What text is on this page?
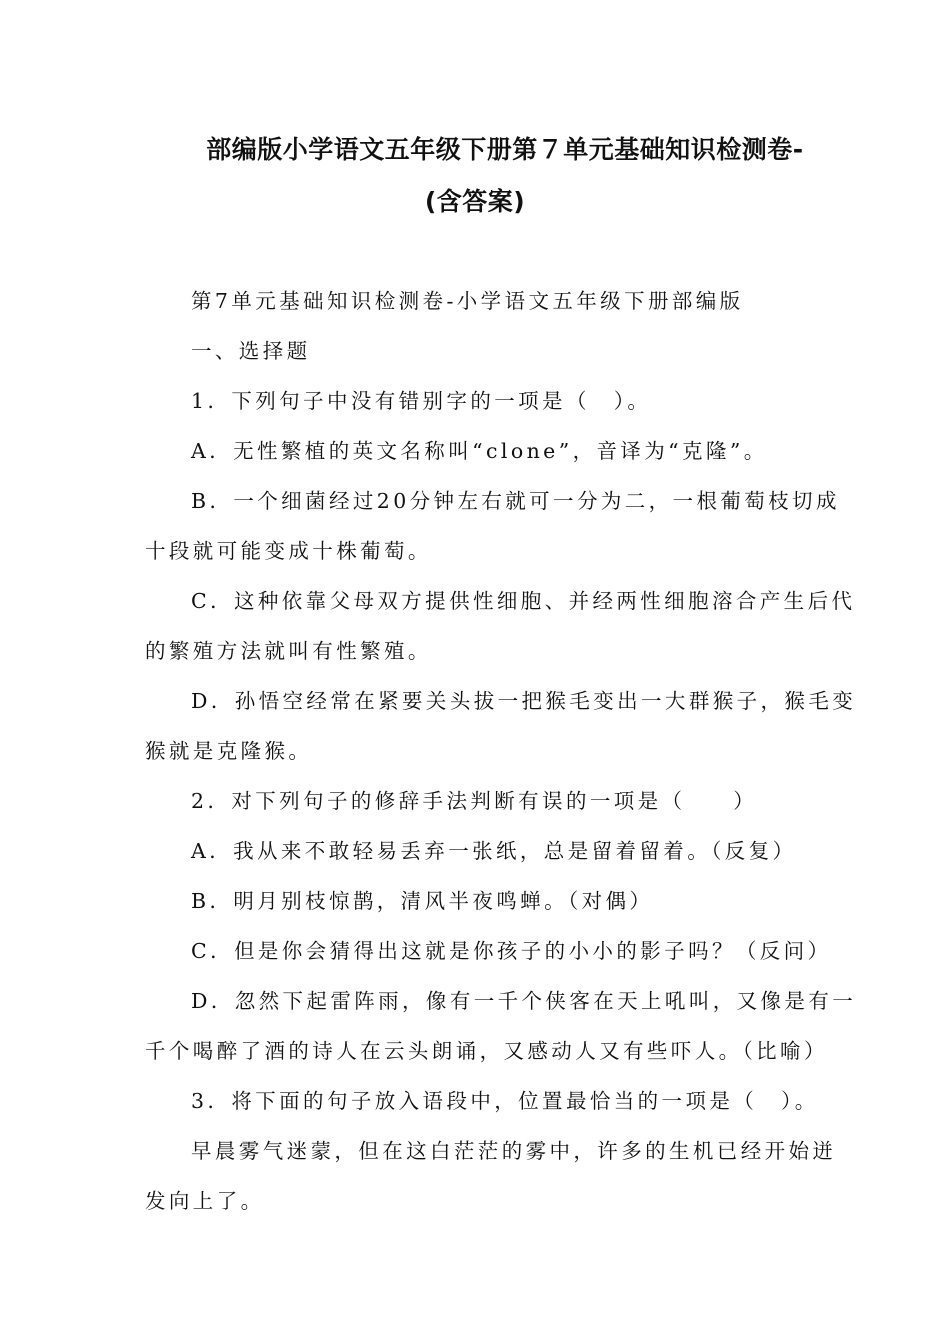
部编版小学语文五年级下册第７单元基础知识检测卷-
(含答案)
第7单元基础知识检测卷-小学语文五年级下册部编版
一、选择题
1．下列句子中没有错别字的一项是（　）。
A．无性繁植的英文名称叫“clone”，音译为“克隆”。
B．一个细菌经过20分钟左右就可一分为二，一根葡萄枝切成
十段就可能变成十株葡萄。
C．这种依靠父母双方提供性细胞、并经两性细胞溶合产生后代
的繁殖方法就叫有性繁殖。
D．孙悟空经常在紧要关头拔一把猴毛变出一大群猴子，猴毛变
猴就是克隆猴。
2．对下列句子的修辞手法判断有误的一项是（　　）
A．我从来不敢轻易丢弃一张纸，总是留着留着。（反复）
B．明月别枝惊鹊，清风半夜鸣蝉。（对偶）
C．但是你会猜得出这就是你孩子的小小的影子吗？（反问）
D．忽然下起雷阵雨，像有一千个侠客在天上吼叫，又像是有一
千个喝醉了酒的诗人在云头朗诵，又感动人又有些吓人。（比喻）
3．将下面的句子放入语段中，位置最恰当的一项是（　）。
早晨雾气迷蒙，但在这白茫茫的雾中，许多的生机已经开始迸
发向上了。
